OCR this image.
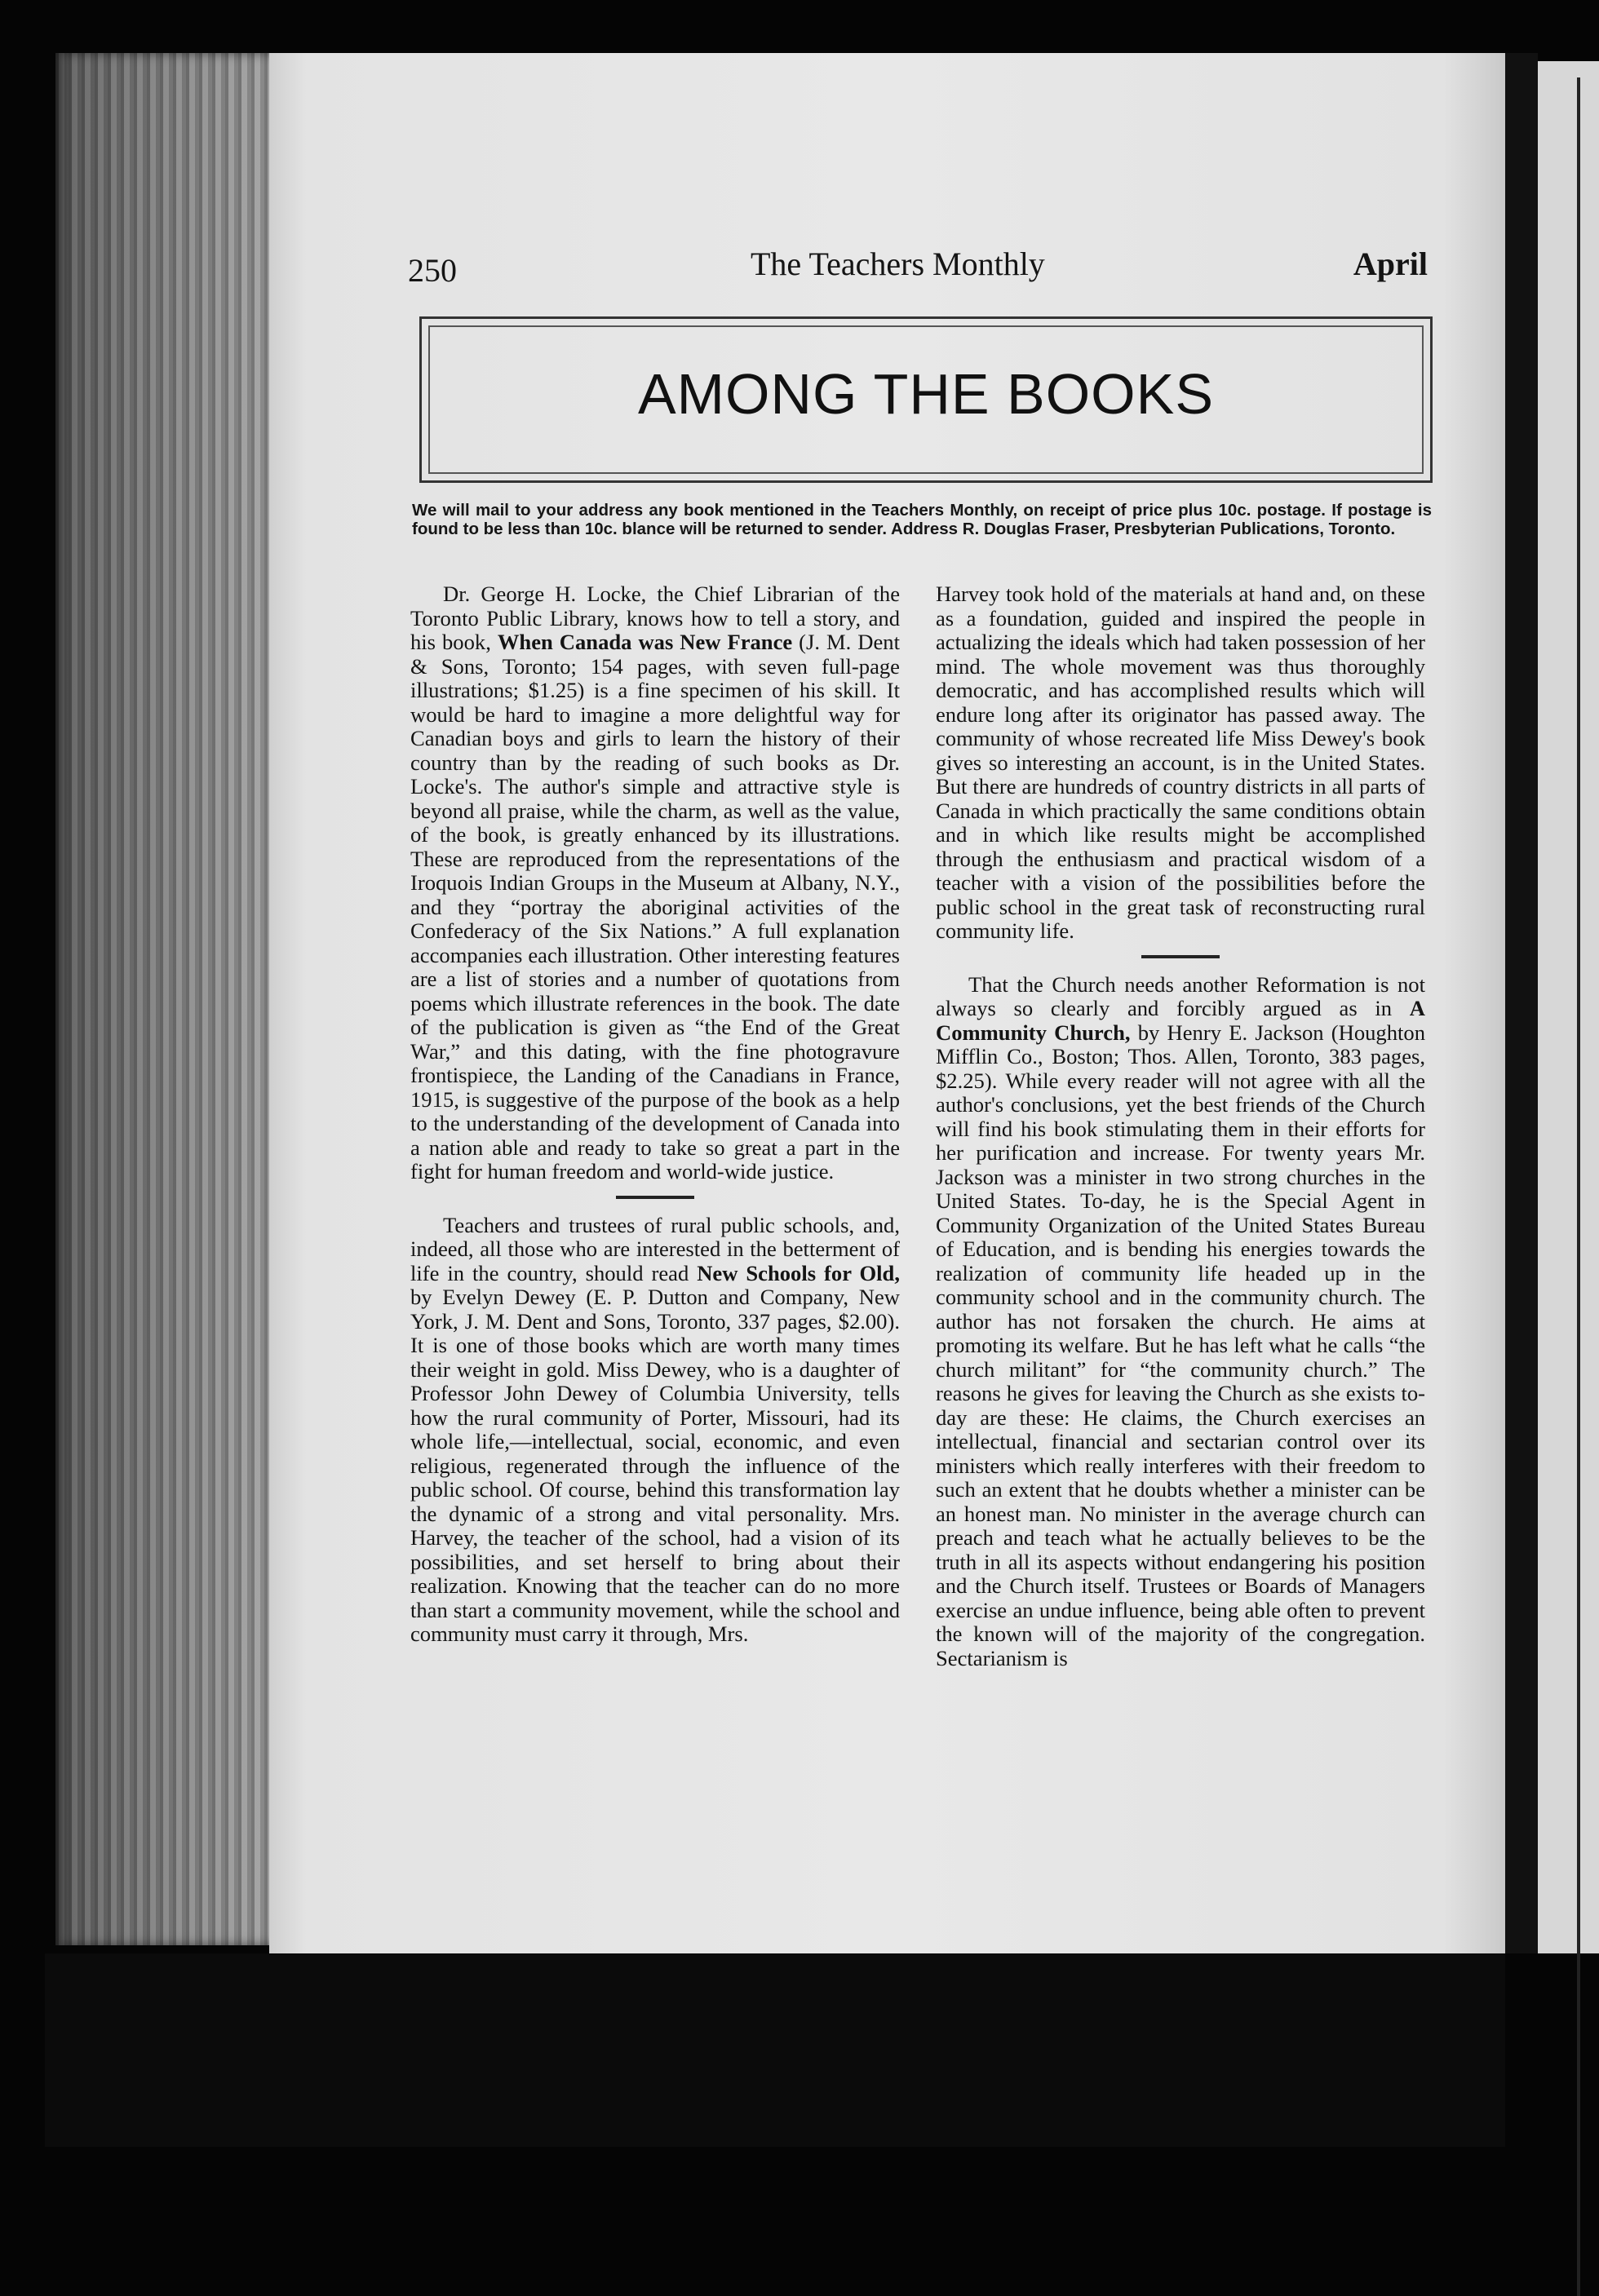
250	The Teachers Monthly	April
AMONG THE BOOKS
We will mail to your address any book mentioned in the Teachers Monthly, on receipt of price plus 10c. postage. If postage is found to be less than 10c. blance will be returned to sender. Address R. Douglas Fraser, Presbyterian Publications, Toronto.

Dr. George H. Locke, the Chief Librarian of the Toronto Public Library, knows how to tell a story, and his book, When Canada was New France (J. M. Dent & Sons, Toronto; 154 pages, with seven full-page illustrations; $1.25) is a fine specimen of his skill. It would be hard to imagine a more delightful way for Canadian boys and girls to learn the history of their country than by the reading of such books as Dr. Locke's. The author's simple and attractive style is beyond all praise, while the charm, as well as the value, of the book, is greatly enhanced by its illustrations. These are reproduced from the representations of the Iroquois Indian Groups in the Museum at Albany, N.Y., and they “portray the aboriginal activities of the Confederacy of the Six Nations.” A full explanation accompanies each illustration. Other interesting features are a list of stories and a number of quotations from poems which illustrate references in the book. The date of the publication is given as “the End of the Great War,” and this dating, with the fine photogravure frontispiece, the Landing of the Canadians in France, 1915, is suggestive of the purpose of the book as a help to the understanding of the development of Canada into a nation able and ready to take so great a part in the fight for human freedom and world-wide justice.

Teachers and trustees of rural public schools, and, indeed, all those who are interested in the betterment of life in the country, should read New Schools for Old, by Evelyn Dewey (E. P. Dutton and Company, New York, J. M. Dent and Sons, Toronto, 337 pages, $2.00). It is one of those books which are worth many times their weight in gold. Miss Dewey, who is a daughter of Professor John Dewey of Columbia University, tells how the rural community of Porter, Missouri, had its whole life,—intellectual, social, economic, and even religious, regenerated through the influence of the public school. Of course, behind this transformation lay the dynamic of a strong and vital personality. Mrs. Harvey, the teacher of the school, had a vision of its possibilities, and set herself to bring about their realization. Knowing that the teacher can do no more than start a community movement, while the school and community must carry it through, Mrs.

Harvey took hold of the materials at hand and, on these as a foundation, guided and inspired the people in actualizing the ideals which had taken possession of her mind. The whole movement was thus thoroughly democratic, and has accomplished results which will endure long after its originator has passed away. The community of whose recreated life Miss Dewey's book gives so interesting an account, is in the United States. But there are hundreds of country districts in all parts of Canada in which practically the same conditions obtain and in which like results might be accomplished through the enthusiasm and practical wisdom of a teacher with a vision of the possibilities before the public school in the great task of reconstructing rural community life.

That the Church needs another Reformation is not always so clearly and forcibly argued as in A Community Church, by Henry E. Jackson (Houghton Mifflin Co., Boston; Thos. Allen, Toronto, 383 pages, $2.25). While every reader will not agree with all the author's conclusions, yet the best friends of the Church will find his book stimulating them in their efforts for her purification and increase. For twenty years Mr. Jackson was a minister in two strong churches in the United States. To-day, he is the Special Agent in Community Organization of the United States Bureau of Education, and is bending his energies towards the realization of community life headed up in the community school and in the community church. The author has not forsaken the church. He aims at promoting its welfare. But he has left what he calls “the church militant” for “the community church.” The reasons he gives for leaving the Church as she exists to-day are these: He claims, the Church exercises an intellectual, financial and sectarian control over its ministers which really interferes with their freedom to such an extent that he doubts whether a minister can be an honest man. No minister in the average church can preach and teach what he actually believes to be the truth in all its aspects without endangering his position and the Church itself. Trustees or Boards of Managers exercise an undue influence, being able often to prevent the known will of the majority of the congregation. Sectarianism is
